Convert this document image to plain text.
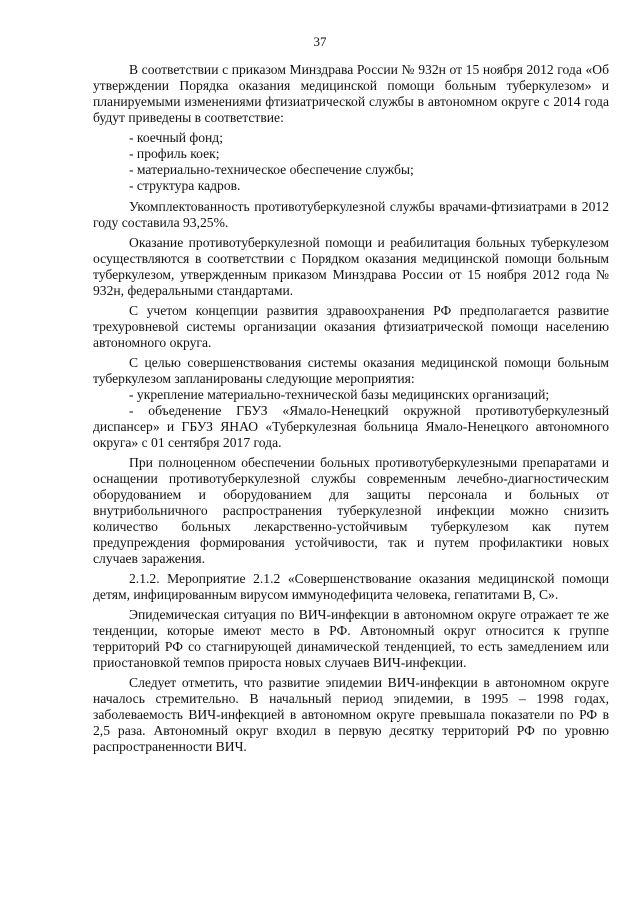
37

В соответствии с приказом Минздрава России № 932н от 15 ноября 2012 года «Об утверждении Порядка оказания медицинской помощи больным туберкулезом» и планируемыми изменениями фтизиатрической службы в автономном округе с 2014 года будут приведены в соответствие:

- коечный фонд;

- профиль коек;

- материально-техническое обеспечение службы;

- структура кадров.

Укомплектованность противотуберкулезной службы врачами-фтизиатрами в 2012 году составила 93,25%.

Оказание противотуберкулезной помощи и реабилитация больных туберкулезом осуществляются в соответствии с Порядком оказания медицинской помощи больным туберкулезом, утвержденным приказом Минздрава России от 15 ноября 2012 года № 932н, федеральными стандартами.

С учетом концепции развития здравоохранения РФ предполагается развитие трехуровневой системы организации оказания фтизиатрической помощи населению автономного округа.

С целью совершенствования системы оказания медицинской помощи больным туберкулезом запланированы следующие мероприятия:

- укрепление материально-технической базы медицинских организаций;

- объеденение ГБУЗ «Ямало-Ненецкий окружной противотуберкулезный диспансер» и ГБУЗ ЯНАО «Туберкулезная больница Ямало-Ненецкого автономного округа» с 01 сентября 2017 года.

При полноценном обеспечении больных противотуберкулезными препаратами и оснащении противотуберкулезной службы современным лечебно-диагностическим оборудованием и оборудованием для защиты персонала и больных от внутрибольничного распространения туберкулезной инфекции можно снизить количество больных лекарственно-устойчивым туберкулезом как путем предупреждения формирования устойчивости, так и путем профилактики новых случаев заражения.

2.1.2. Мероприятие 2.1.2 «Совершенствование оказания медицинской помощи детям, инфицированным вирусом иммунодефицита человека, гепатитами В, С».

Эпидемическая ситуация по ВИЧ-инфекции в автономном округе отражает те же тенденции, которые имеют место в РФ. Автономный округ относится к группе территорий РФ со стагнирующей динамической тенденцией, то есть замедлением или приостановкой темпов прироста новых случаев ВИЧ-инфекции.

Следует отметить, что развитие эпидемии ВИЧ-инфекции в автономном округе началось стремительно. В начальный период эпидемии, в 1995 – 1998 годах, заболеваемость ВИЧ-инфекцией в автономном округе превышала показатели по РФ в 2,5 раза. Автономный округ входил в первую десятку территорий РФ по уровню распространенности ВИЧ.
